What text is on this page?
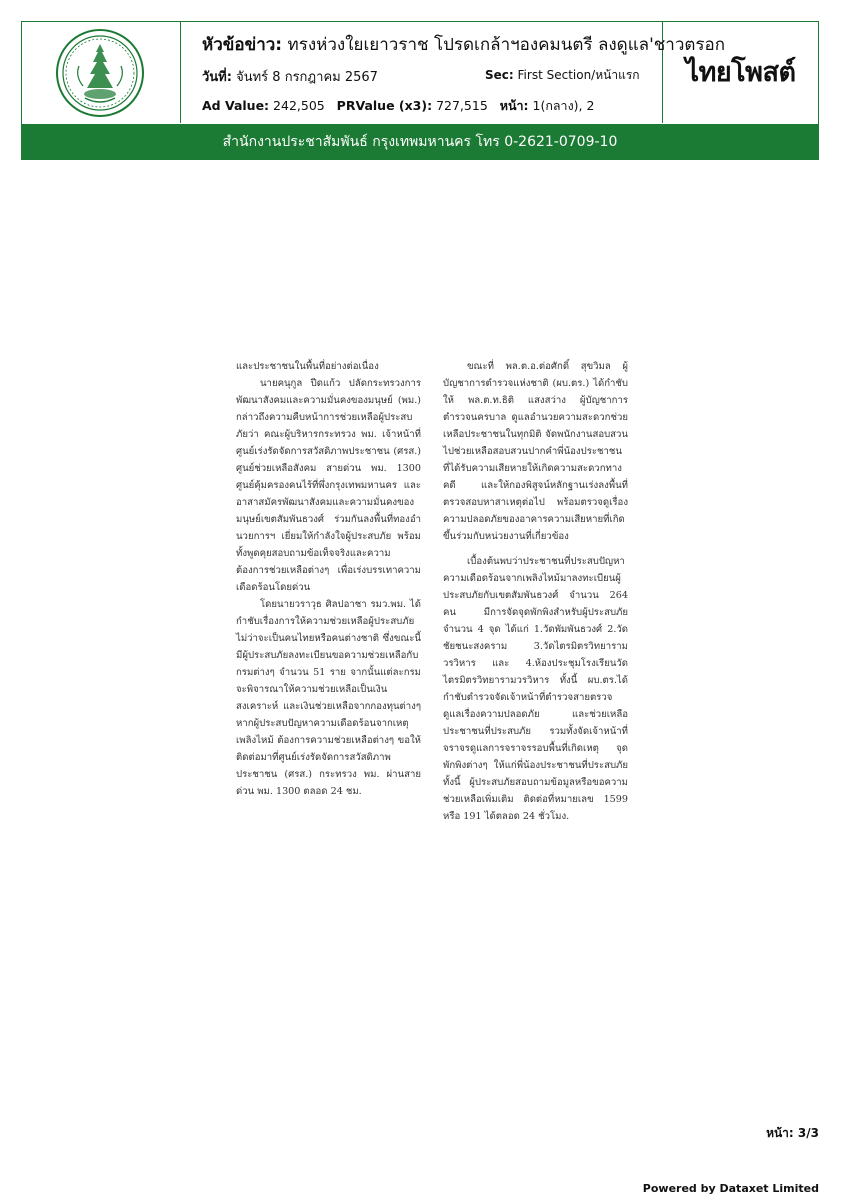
หัวข้อข่าว: ทรงห่วงใยเยาวราช โปรดเกล้าฯองคมนตรี ลงดูแล'ชาวตรอก
วันที่: จันทร์ 8 กรกฎาคม 2567	Sec: First Section/หน้าแรก
Ad Value: 242,505 PRValue (x3): 727,515 หน้า: 1(กลาง), 2
ไทยโพสต์
สำนักงานประชาสัมพันธ์ กรุงเทพมหานคร โทร 0-2621-0709-10

และประชาชนในพื้นที่อย่างต่อเนื่อง

นายคนุกูล ปีดแก้ว ปลัดกระทรวงการพัฒนาสังคมและความมั่นคงของมนุษย์ (พม.) กล่าวถึงความคืบหน้าการช่วยเหลือผู้ประสบภัยว่า คณะผู้บริหารกระทรวง พม. เจ้าหน้าที่ศูนย์เร่งรัดจัดการสวัสดิภาพประชาชน (ศรส.) ศูนย์ช่วยเหลือสังคม สายด่วน พม. 1300 ศูนย์คุ้มครองคนไร้ที่พึ่งกรุงเทพมหานคร และอาสาสมัครพัฒนาสังคมและความมั่นคงของมนุษย์เขตสัมพันธวงศ์ ร่วมกันลงพื้นที่ทองอำนวยการฯ เยี่ยมให้กำลังใจผู้ประสบภัย พร้อมทั้งพูดคุยสอบถามข้อเท็จจริงและความต้องการช่วยเหลือต่างๆ เพื่อเร่งบรรเทาความเดือดร้อนโดยด่วน

โดยนายวราวุธ ศิลปอาชา รมว.พม. ได้กำชับเรื่องการให้ความช่วยเหลือผู้ประสบภัย ไม่ว่าจะเป็นคนไทยหรือคนต่างชาติ ซึ่งขณะนี้มีผู้ประสบภัยลงทะเบียนขอความช่วยเหลือกับกรมต่างๆ จำนวน 51 ราย จากนั้นแต่ละกรมจะพิจารณาให้ความช่วยเหลือเป็นเงินสงเคราะห์ และเงินช่วยเหลือจากกองทุนต่างๆ หากผู้ประสบปัญหาความเดือดร้อนจากเหตุเพลิงไหม้ ต้องการความช่วยเหลือต่างๆ ขอให้ติดต่อมาที่ศูนย์เร่งรัดจัดการสวัสดิภาพประชาชน (ศรส.) กระทรวง พม. ผ่านสายด่วน พม. 1300 ตลอด 24 ชม.

ขณะที่ พล.ต.อ.ต่อศักดิ์ สุขวิมล ผู้บัญชาการตำรวจแห่งชาติ (ผบ.ตร.) ได้กำชับให้ พล.ต.ท.ธิติ แสงสว่าง ผู้บัญชาการตำรวจนครบาล ดูแลอำนวยความสะดวกช่วยเหลือประชาชนในทุกมิติ จัดพนักงานสอบสวนไปช่วยเหลือสอบสวนปากคำพี่น้องประชาชนที่ได้รับความเสียหายให้เกิดความสะดวกทางคดี และให้กองพิสูจน์หลักฐานเร่งลงพื้นที่ตรวจสอบหาสาเหตุต่อไป พร้อมตรวจดูเรื่องความปลอดภัยของอาคารความเสียหายที่เกิดขึ้นร่วมกับหน่วยงานที่เกี่ยวข้อง

เบื้องต้นพบว่าประชาชนที่ประสบปัญหาความเดือดร้อนจากเพลิงไหม้มาลงทะเบียนผู้ประสบภัยกับเขตสัมพันธวงศ์ จำนวน 264 คน มีการจัดจุดพักพิงสำหรับผู้ประสบภัยจำนวน 4 จุด ได้แก่ 1.วัดพัมพันธวงศ์ 2.วัดชัยชนะสงคราม 3.วัดไตรมิตรวิทยารามวรวิหาร และ 4.ห้องประชุมโรงเรียนวัดไตรมิตรวิทยารามวรวิหาร ทั้งนี้ ผบ.ตร.ได้กำชับตำรวจจัดเจ้าหน้าที่ตำรวจสายตรวจดูแลเรื่องความปลอดภัย และช่วยเหลือประชาชนที่ประสบภัย รวมทั้งจัดเจ้าหน้าที่จราจรดูแลการจราจรรอบพื้นที่เกิดเหตุ จุดพักพิงต่างๆ ให้แก่พี่น้องประชาชนที่ประสบภัย ทั้งนี้ ผู้ประสบภัยสอบถามข้อมูลหรือขอความช่วยเหลือเพิ่มเติม ติดต่อที่หมายเลข 1599 หรือ 191 ได้ตลอด 24 ชั่วโมง.

หน้า: 3/3
Powered by Dataxet Limited
